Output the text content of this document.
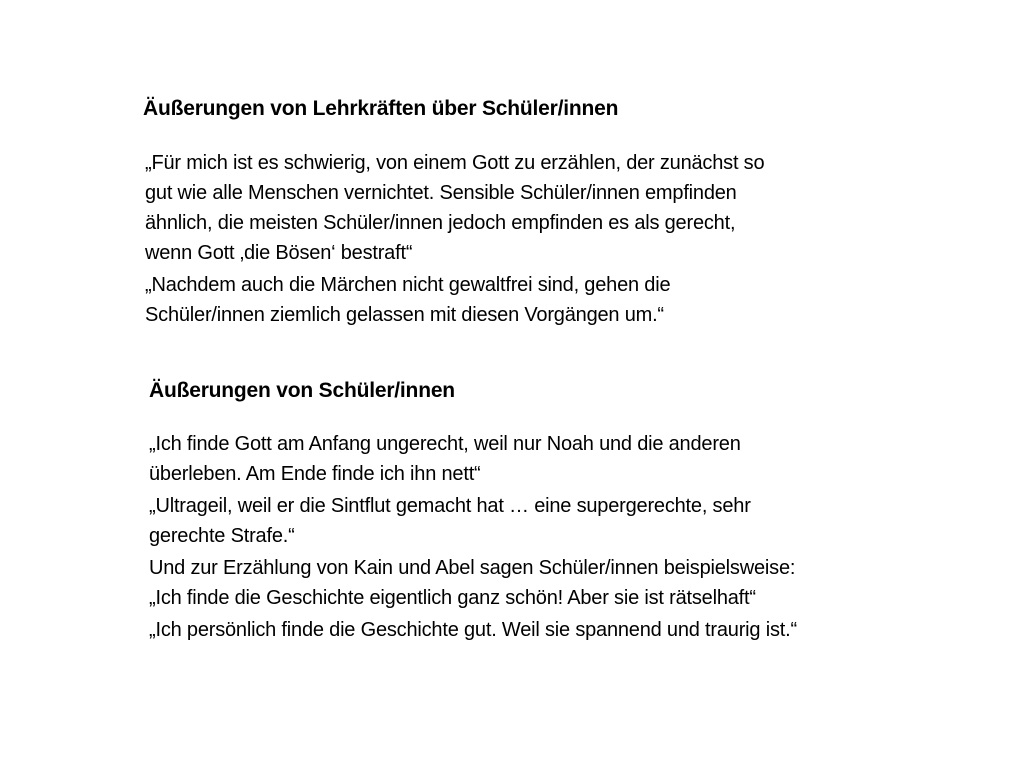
Äußerungen von Lehrkräften über Schüler/innen
„Für mich ist es schwierig, von einem Gott zu erzählen, der zunächst so
gut wie alle Menschen vernichtet. Sensible Schüler/innen empfinden
ähnlich, die meisten Schüler/innen jedoch empfinden es als gerecht,
wenn Gott ‚die Bösen‘ bestraft“
„Nachdem auch die Märchen nicht gewaltfrei sind, gehen die
Schüler/innen ziemlich gelassen mit diesen Vorgängen um.“
Äußerungen von Schüler/innen
„Ich finde Gott am Anfang ungerecht, weil nur Noah und die anderen
überleben. Am Ende finde ich ihn nett“
„Ultrageil, weil er die Sintflut gemacht hat … eine supergerechte, sehr
gerechte Strafe.“
Und zur Erzählung von Kain und Abel sagen Schüler/innen beispielsweise:
„Ich finde die Geschichte eigentlich ganz schön! Aber sie ist rätselhaft“
„Ich persönlich finde die Geschichte gut. Weil sie spannend und traurig ist.“
